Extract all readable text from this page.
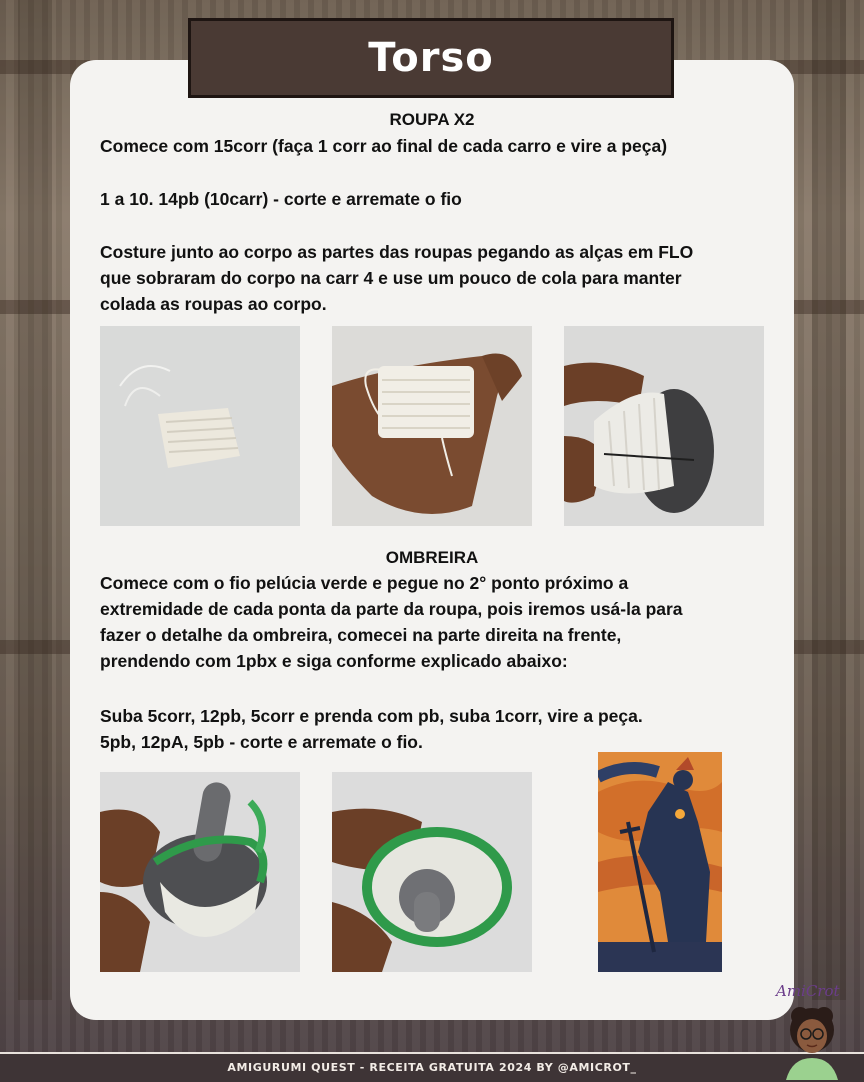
Torso
ROUPA X2
Comece com 15corr (faça 1 corr ao final de cada carro e vire a peça)
1 a 10. 14pb (10carr) - corte e arremate o fio
Costure junto ao corpo as partes das roupas pegando as alças em FLO
que sobraram do corpo na carr 4 e use um pouco de cola para manter
colada as roupas ao corpo.
OMBREIRA
Comece com o fio pelúcia verde e pegue no 2° ponto próximo a
extremidade de cada ponta da parte da roupa, pois iremos usá-la para
fazer o detalhe da ombreira, comecei na parte direita na frente,
prendendo com 1pbx e siga conforme explicado abaixo:
Suba 5corr, 12pb, 5corr e prenda com pb, suba 1corr, vire a peça.
5pb, 12pA, 5pb - corte e arremate o fio.
AMIGURUMI QUEST - RECEITA GRATUITA 2024 BY @AMICROT_
AmiCrot
